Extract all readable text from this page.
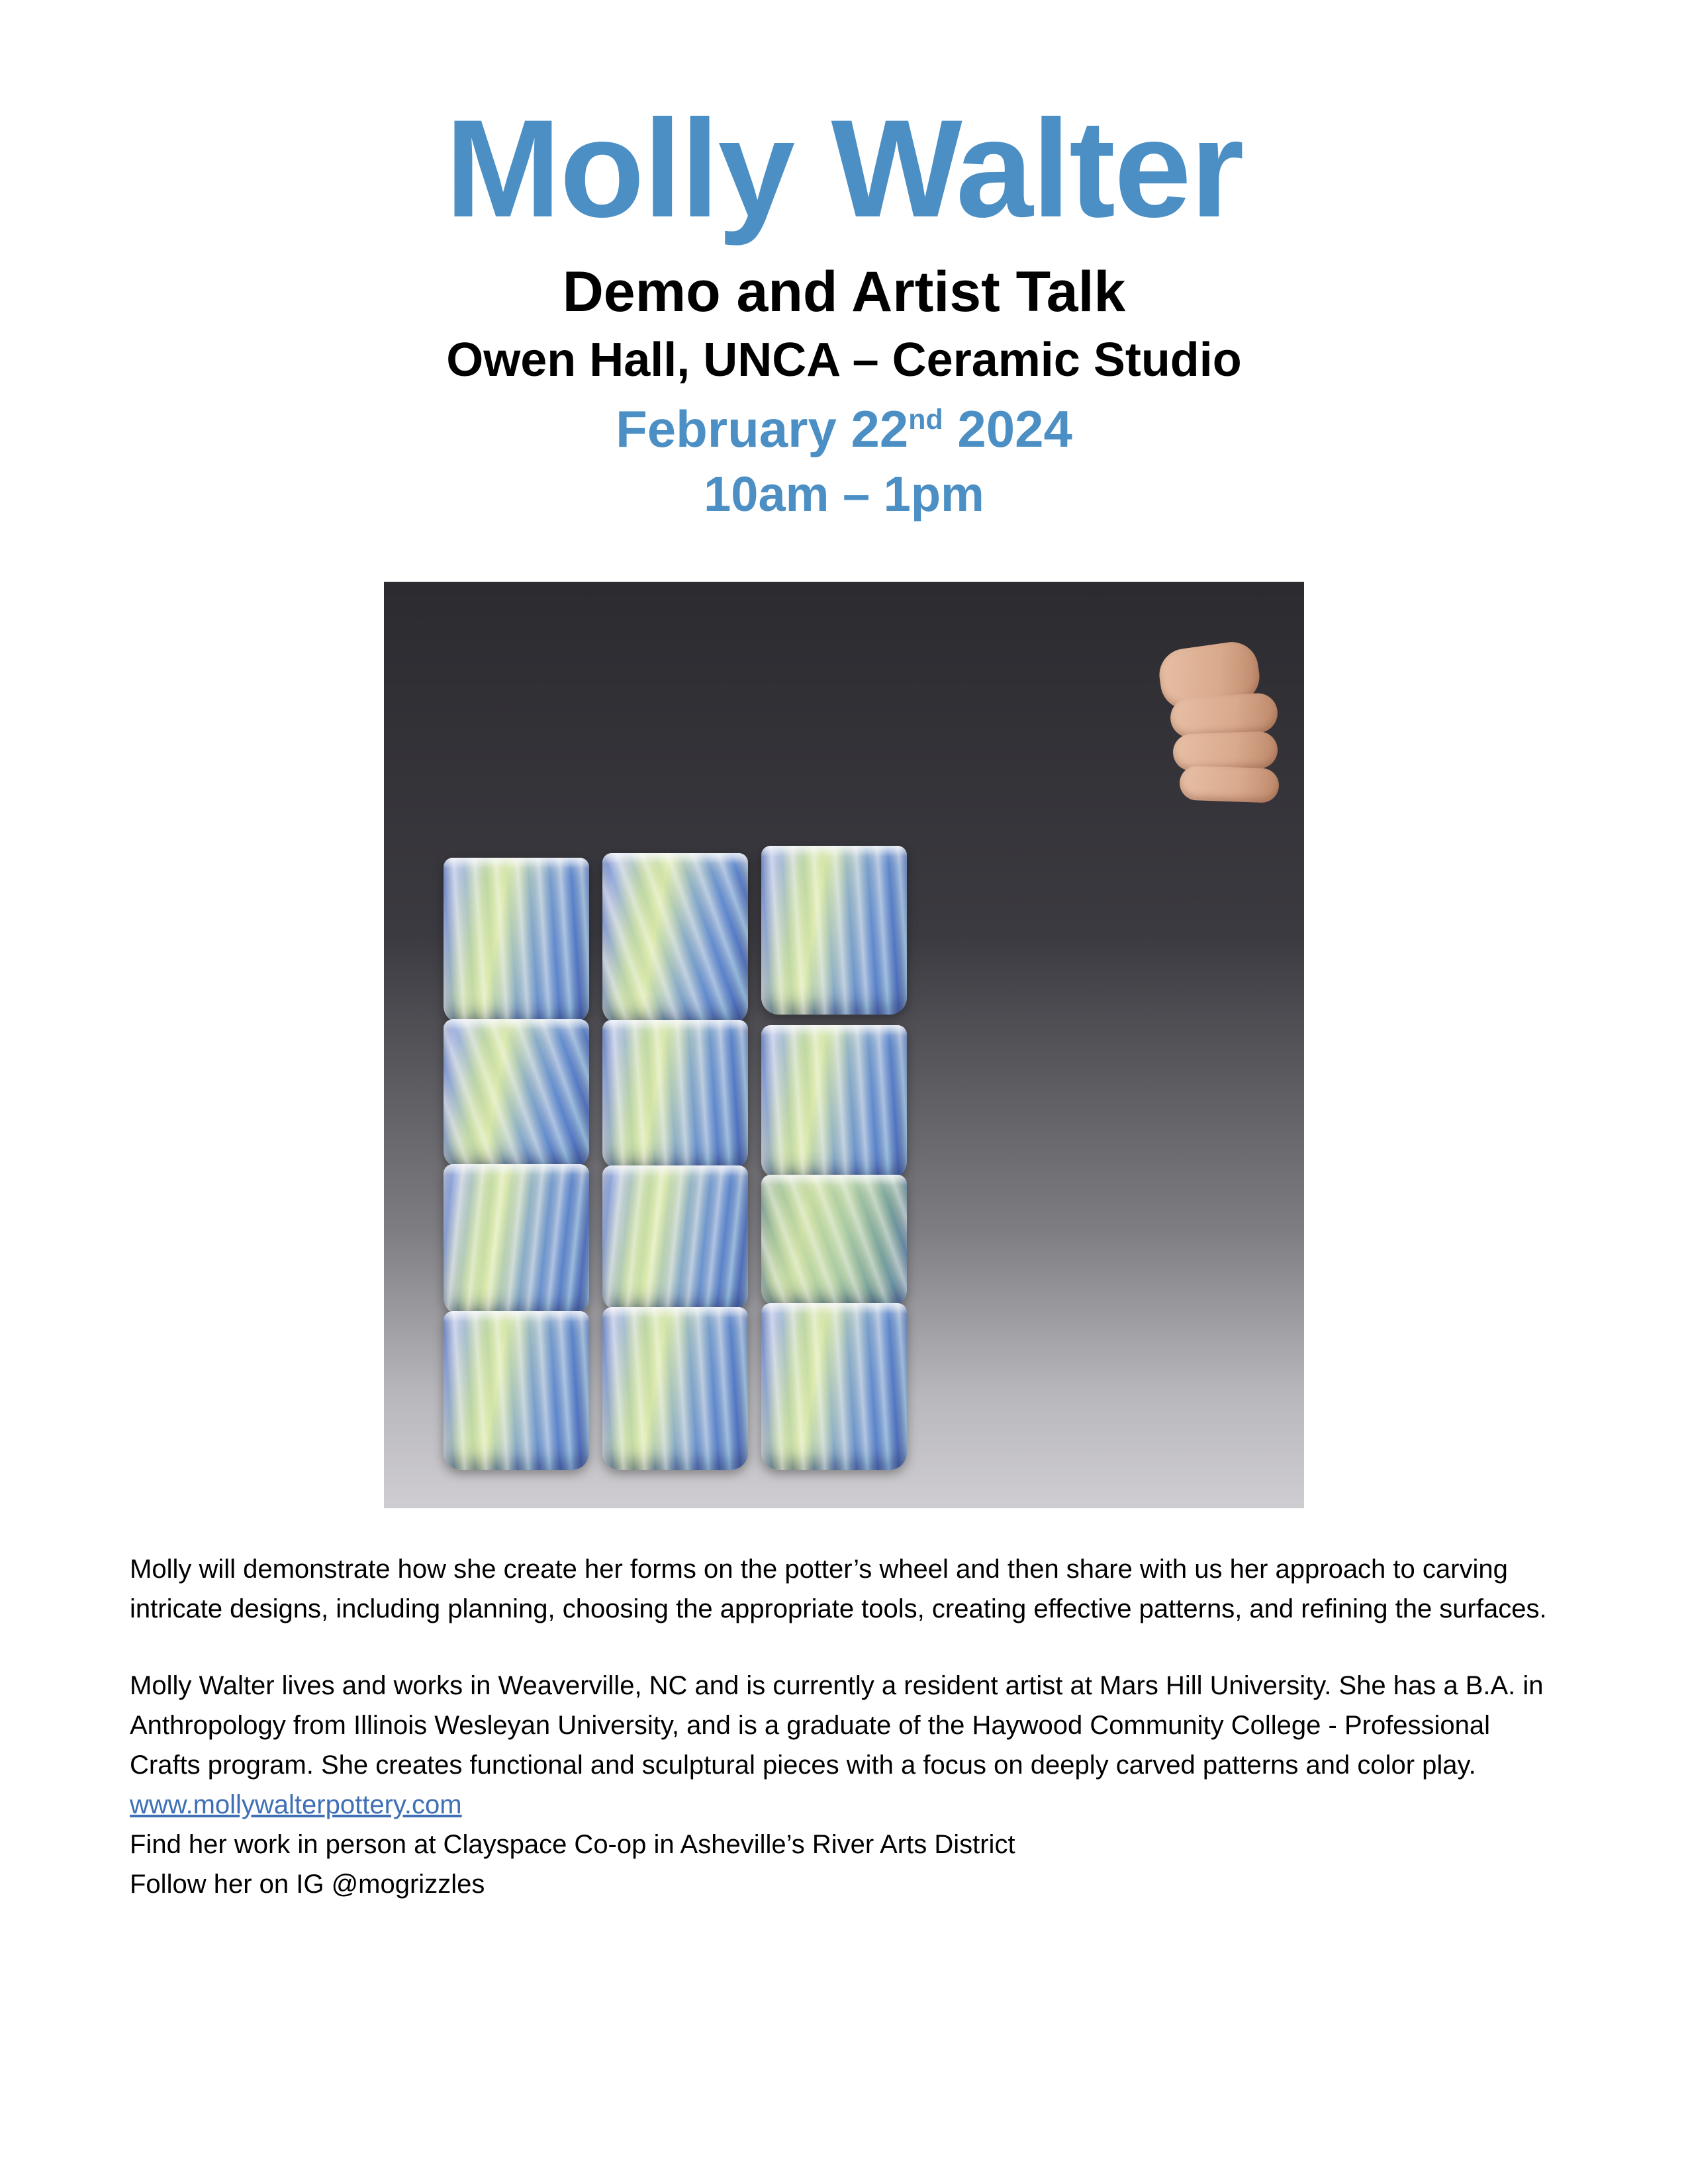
Molly Walter
Demo and Artist Talk
Owen Hall, UNCA – Ceramic Studio
February 22nd 2024
10am – 1pm

Molly will demonstrate how she create her forms on the potter’s wheel and then share with us her approach to carving intricate designs, including planning, choosing the appropriate tools, creating effective patterns, and refining the surfaces.

Molly Walter lives and works in Weaverville, NC and is currently a resident artist at Mars Hill University. She has a B.A. in Anthropology from Illinois Wesleyan University, and is a graduate of the Haywood Community College - Professional Crafts program. She creates functional and sculptural pieces with a focus on deeply carved patterns and color play.

www.mollywalterpottery.com

Find her work in person at Clayspace Co-op in Asheville’s River Arts District

Follow her on IG @mogrizzles
